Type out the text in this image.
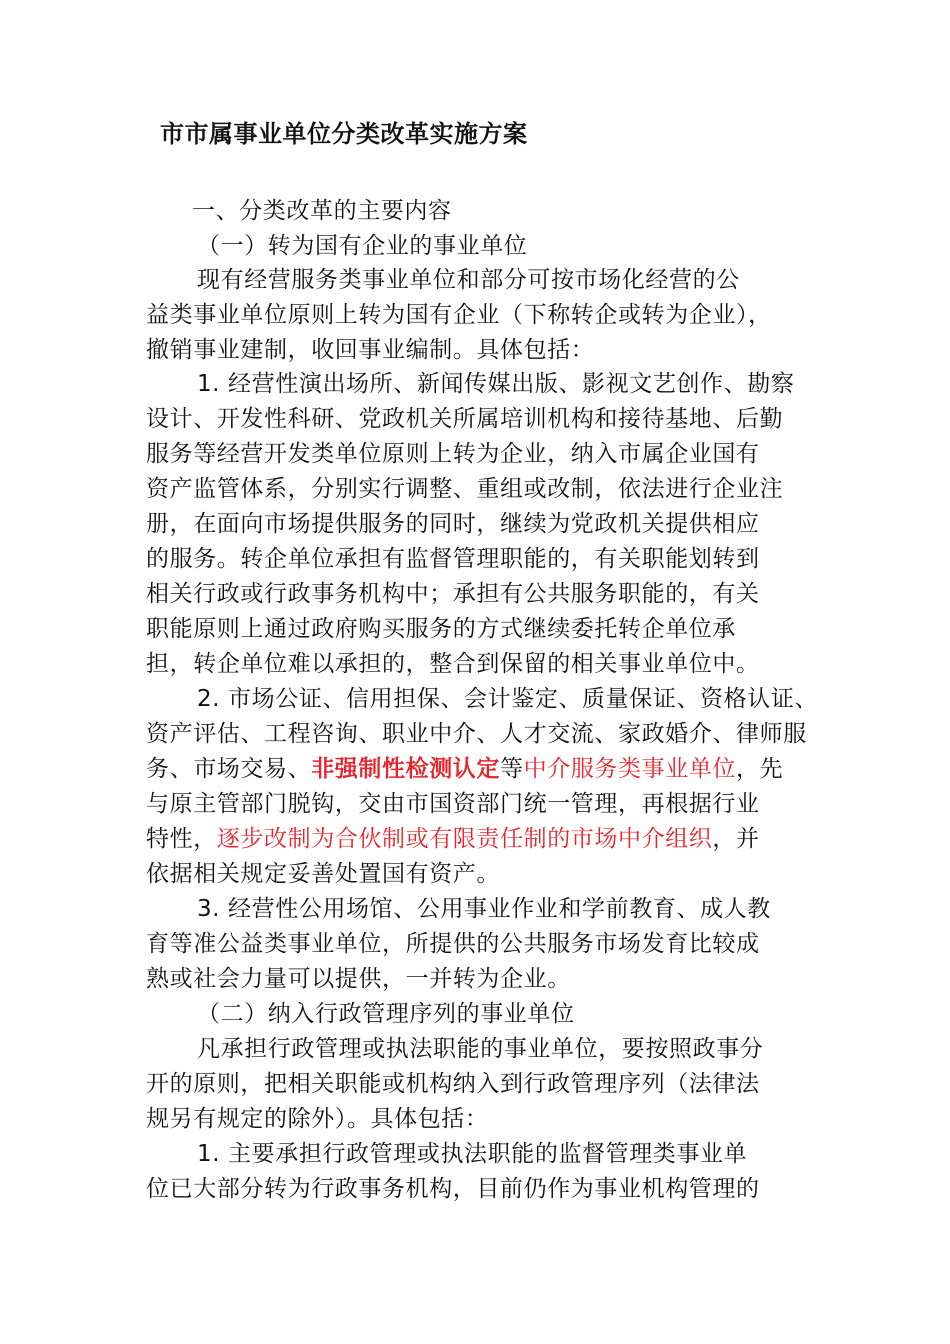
市市属事业单位分类改革实施方案
一、分类改革的主要内容
（一）转为国有企业的事业单位
现有经营服务类事业单位和部分可按市场化经营的公
益类事业单位原则上转为国有企业（下称转企或转为企业），
撤销事业建制，收回事业编制。具体包括：
1. 经营性演出场所、新闻传媒出版、影视文艺创作、勘察
设计、开发性科研、党政机关所属培训机构和接待基地、后勤
服务等经营开发类单位原则上转为企业，纳入市属企业国有
资产监管体系，分别实行调整、重组或改制，依法进行企业注
册，在面向市场提供服务的同时，继续为党政机关提供相应
的服务。转企单位承担有监督管理职能的，有关职能划转到
相关行政或行政事务机构中；承担有公共服务职能的，有关
职能原则上通过政府购买服务的方式继续委托转企单位承
担，转企单位难以承担的，整合到保留的相关事业单位中。
2. 市场公证、信用担保、会计鉴定、质量保证、资格认证、
资产评估、工程咨询、职业中介、人才交流、家政婚介、律师服
务、市场交易、非强制性检测认定等中介服务类事业单位，先
与原主管部门脱钩，交由市国资部门统一管理，再根据行业
特性，逐步改制为合伙制或有限责任制的市场中介组织，并
依据相关规定妥善处置国有资产。
3. 经营性公用场馆、公用事业作业和学前教育、成人教
育等准公益类事业单位，所提供的公共服务市场发育比较成
熟或社会力量可以提供，一并转为企业。
（二）纳入行政管理序列的事业单位
凡承担行政管理或执法职能的事业单位，要按照政事分
开的原则，把相关职能或机构纳入到行政管理序列（法律法
规另有规定的除外）。具体包括：
1. 主要承担行政管理或执法职能的监督管理类事业单
位已大部分转为行政事务机构，目前仍作为事业机构管理的
